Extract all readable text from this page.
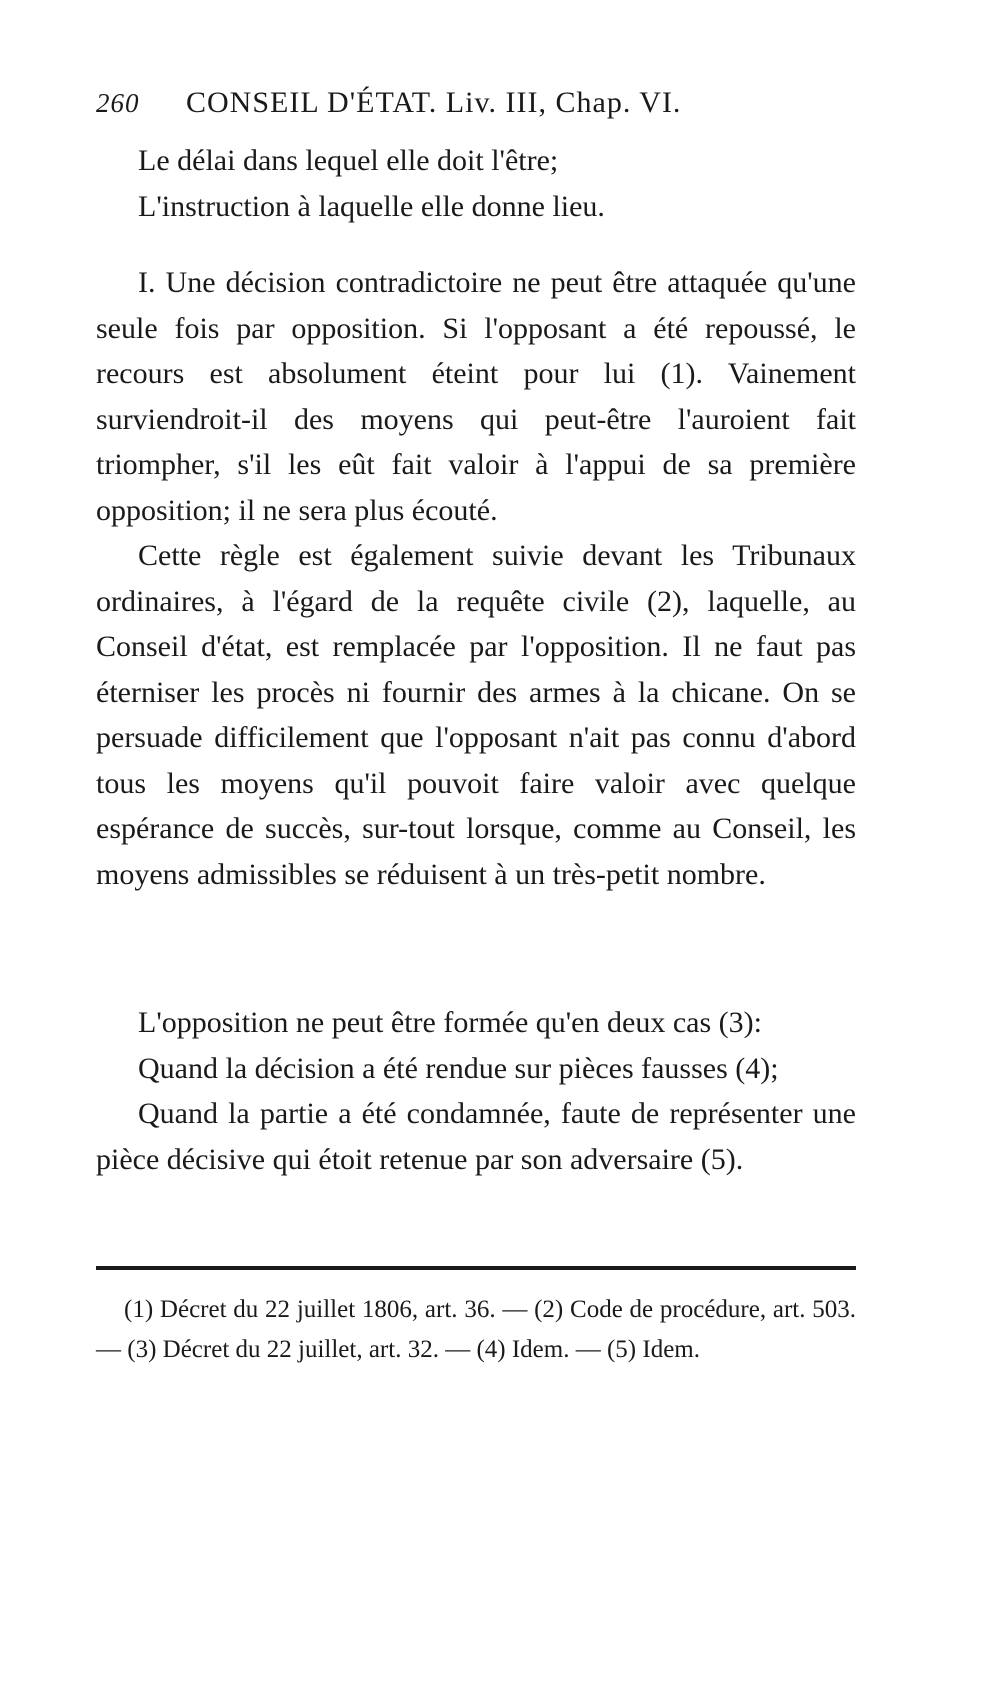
260 CONSEIL D'ÉTAT. Liv. III, Chap. VI.

Le délai dans lequel elle doit l'être;

L'instruction à laquelle elle donne lieu.

I. Une décision contradictoire ne peut être attaquée qu'une seule fois par opposition. Si l'opposant a été repoussé, le recours est absolument éteint pour lui (1). Vainement surviendroit-il des moyens qui peut-être l'auroient fait triompher, s'il les eût fait valoir à l'appui de sa première opposition; il ne sera plus écouté.

Cette règle est également suivie devant les Tribunaux ordinaires, à l'égard de la requête civile (2), laquelle, au Conseil d'état, est remplacée par l'opposition. Il ne faut pas éterniser les procès ni fournir des armes à la chicane. On se persuade difficilement que l'opposant n'ait pas connu d'abord tous les moyens qu'il pouvoit faire valoir avec quelque espérance de succès, sur-tout lorsque, comme au Conseil, les moyens admissibles se réduisent à un très-petit nombre.

L'opposition ne peut être formée qu'en deux cas (3):

Quand la décision a été rendue sur pièces fausses (4);

Quand la partie a été condamnée, faute de représenter une pièce décisive qui étoit retenue par son adversaire (5).

(1) Décret du 22 juillet 1806, art. 36. — (2) Code de procédure, art. 503. — (3) Décret du 22 juillet, art. 32. — (4) Idem. — (5) Idem.
